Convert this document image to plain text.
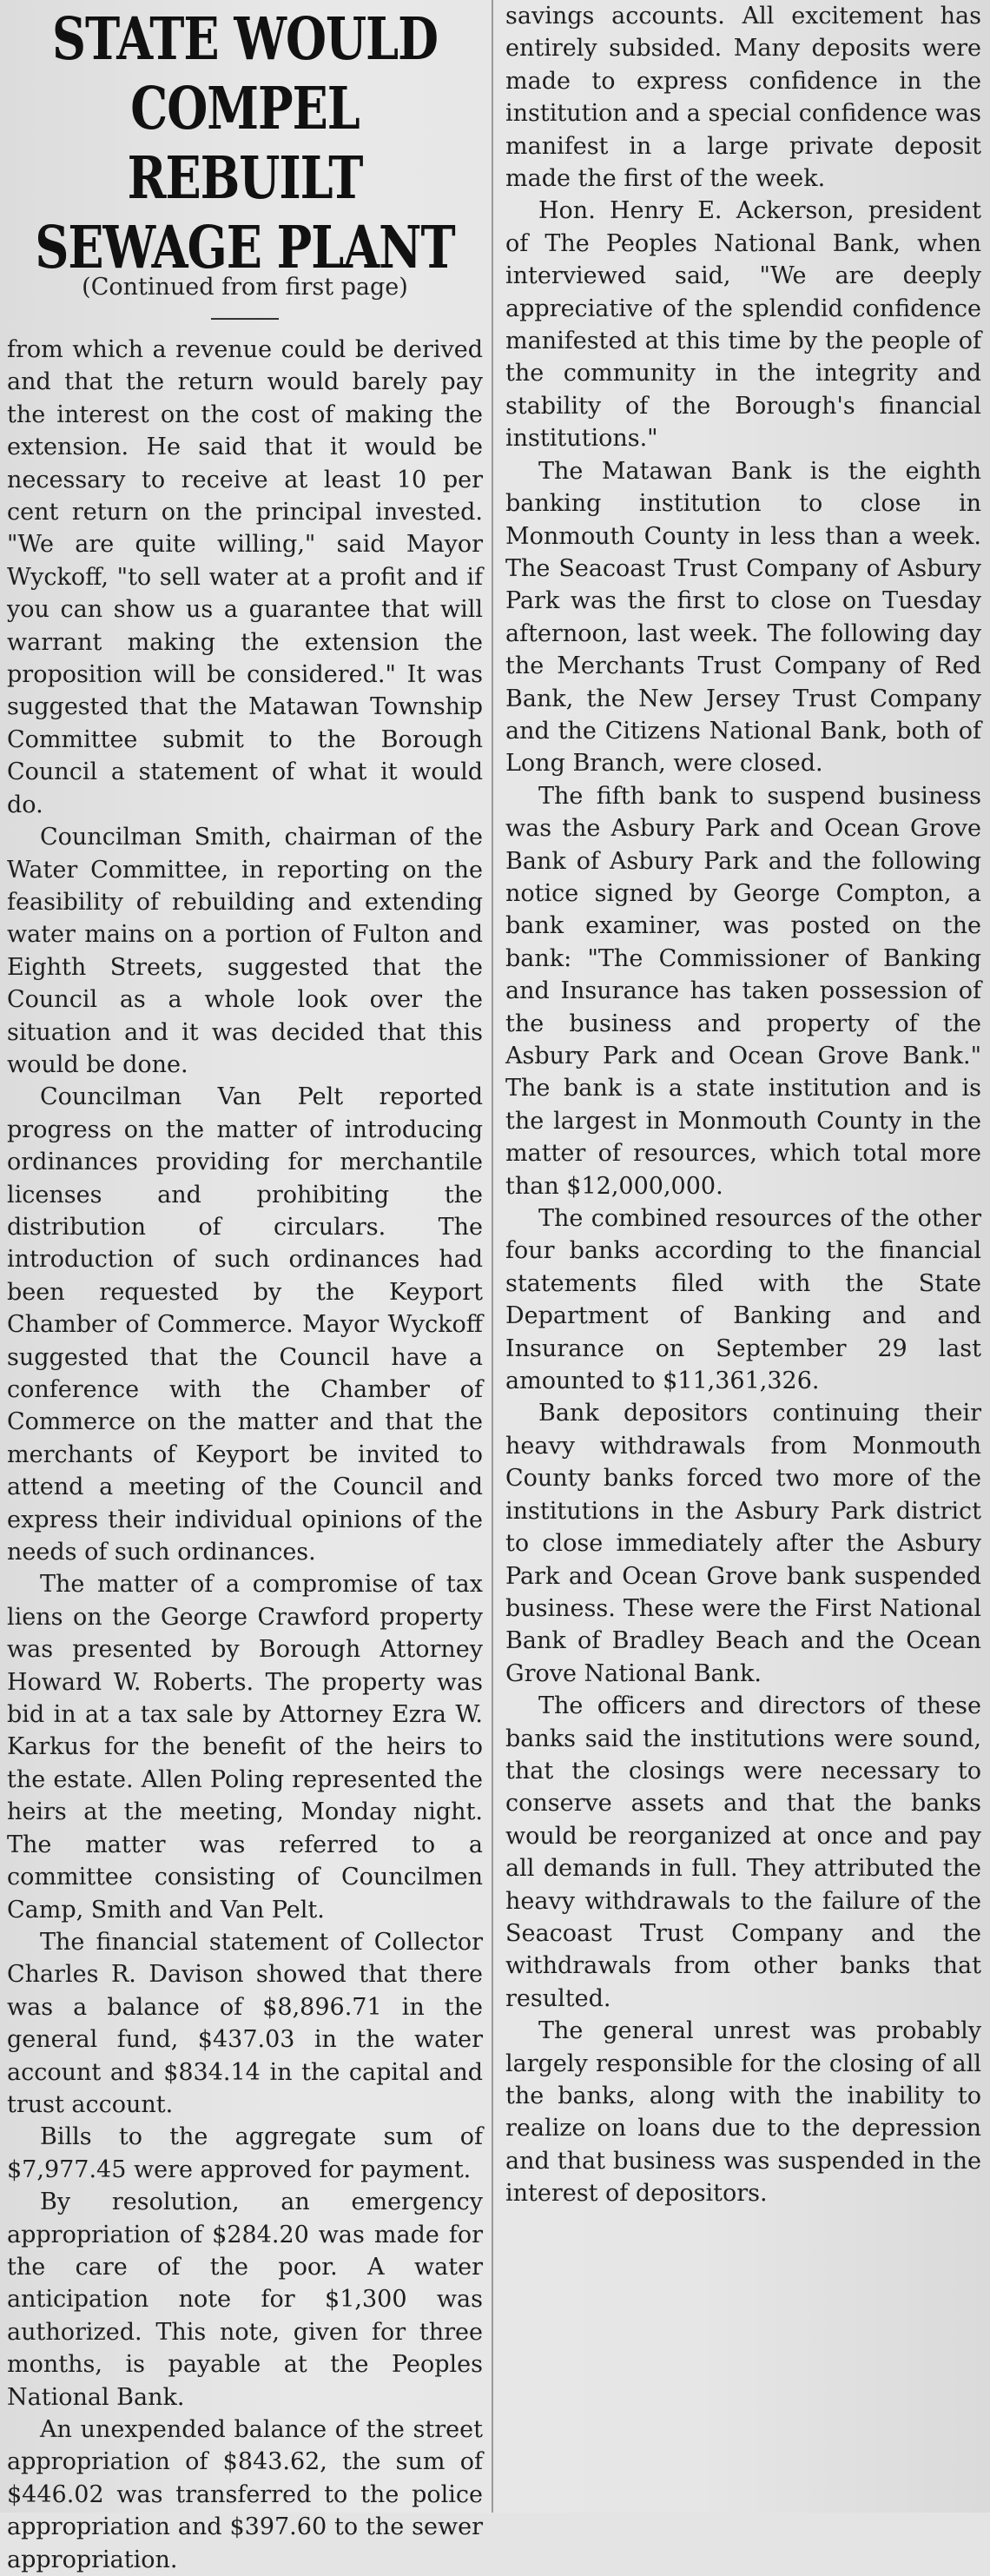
STATE WOULD COMPEL
REBUILT SEWAGE PLANT
(Continued from first page)

from which a revenue could be derived and that the return would barely pay the interest on the cost of making the extension. He said that it would be necessary to receive at least 10 per cent return on the principal invested. "We are quite willing," said Mayor Wyckoff, "to sell water at a profit and if you can show us a guarantee that will warrant making the extension the proposition will be considered." It was suggested that the Matawan Township Committee submit to the Borough Council a statement of what it would do.

Councilman Smith, chairman of the Water Committee, in reporting on the feasibility of rebuilding and extending water mains on a portion of Fulton and Eighth Streets, suggested that the Council as a whole look over the situation and it was decided that this would be done.

Councilman Van Pelt reported progress on the matter of introducing ordinances providing for merchantile licenses and prohibiting the distribution of circulars. The introduction of such ordinances had been requested by the Keyport Chamber of Commerce. Mayor Wyckoff suggested that the Council have a conference with the Chamber of Commerce on the matter and that the merchants of Keyport be invited to attend a meeting of the Council and express their individual opinions of the needs of such ordinances.

The matter of a compromise of tax liens on the George Crawford property was presented by Borough Attorney Howard W. Roberts. The property was bid in at a tax sale by Attorney Ezra W. Karkus for the benefit of the heirs to the estate. Allen Poling represented the heirs at the meeting, Monday night. The matter was referred to a committee consisting of Councilmen Camp, Smith and Van Pelt.

The financial statement of Collector Charles R. Davison showed that there was a balance of $8,896.71 in the general fund, $437.03 in the water account and $834.14 in the capital and trust account.

Bills to the aggregate sum of $7,977.45 were approved for payment.

By resolution, an emergency appropriation of $284.20 was made for the care of the poor. A water anticipation note for $1,300 was authorized. This note, given for three months, is payable at the Peoples National Bank.

An unexpended balance of the street appropriation of $843.62, the sum of $446.02 was transferred to the police appropriation and $397.60 to the sewer appropriation.

savings accounts. All excitement has entirely subsided. Many deposits were made to express confidence in the institution and a special confidence was manifest in a large private deposit made the first of the week.

Hon. Henry E. Ackerson, president of The Peoples National Bank, when interviewed said, "We are deeply appreciative of the splendid confidence manifested at this time by the people of the community in the integrity and stability of the Borough's financial institutions."

The Matawan Bank is the eighth banking institution to close in Monmouth County in less than a week. The Seacoast Trust Company of Asbury Park was the first to close on Tuesday afternoon, last week. The following day the Merchants Trust Company of Red Bank, the New Jersey Trust Company and the Citizens National Bank, both of Long Branch, were closed.

The fifth bank to suspend business was the Asbury Park and Ocean Grove Bank of Asbury Park and the following notice signed by George Compton, a bank examiner, was posted on the bank: "The Commissioner of Banking and Insurance has taken possession of the business and property of the Asbury Park and Ocean Grove Bank." The bank is a state institution and is the largest in Monmouth County in the matter of resources, which total more than $12,000,000.

The combined resources of the other four banks according to the financial statements filed with the State Department of Banking and and Insurance on September 29 last amounted to $11,361,326.

Bank depositors continuing their heavy withdrawals from Monmouth County banks forced two more of the institutions in the Asbury Park district to close immediately after the Asbury Park and Ocean Grove bank suspended business. These were the First National Bank of Bradley Beach and the Ocean Grove National Bank.

The officers and directors of these banks said the institutions were sound, that the closings were necessary to conserve assets and that the banks would be reorganized at once and pay all demands in full. They attributed the heavy withdrawals to the failure of the Seacoast Trust Company and the withdrawals from other banks that resulted.

The general unrest was probably largely responsible for the closing of all the banks, along with the inability to realize on loans due to the depression and that business was suspended in the interest of depositors.
